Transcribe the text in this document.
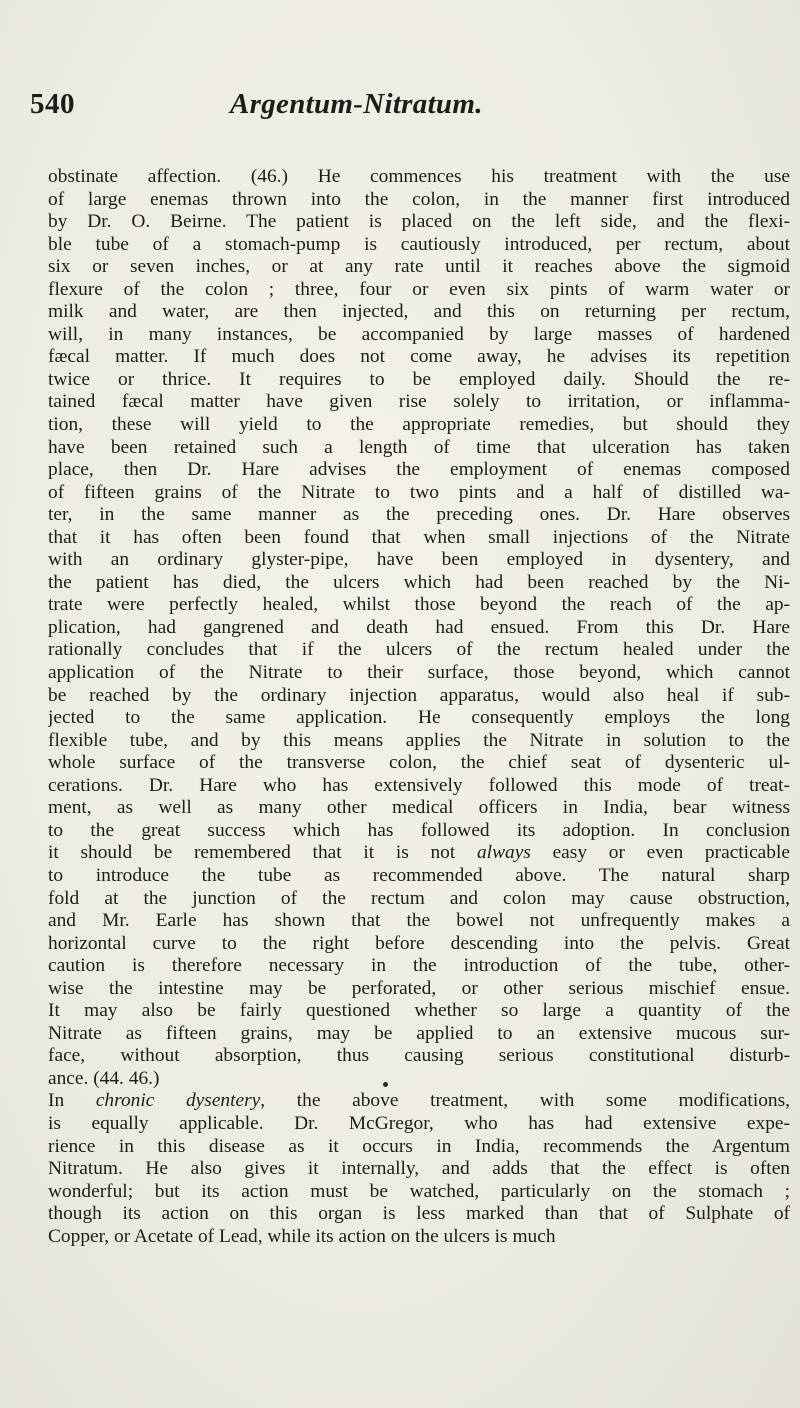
540	Argentum-Nitratum.
obstinate affection. (46.) He commences his treatment with the use
of large enemas thrown into the colon, in the manner first introduced
by Dr. O. Beirne. The patient is placed on the left side, and the flexi-
ble tube of a stomach-pump is cautiously introduced, per rectum, about
six or seven inches, or at any rate until it reaches above the sigmoid
flexure of the colon ; three, four or even six pints of warm water or
milk and water, are then injected, and this on returning per rectum,
will, in many instances, be accompanied by large masses of hardened
fæcal matter. If much does not come away, he advises its repetition
twice or thrice. It requires to be employed daily. Should the re-
tained fæcal matter have given rise solely to irritation, or inflamma-
tion, these will yield to the appropriate remedies, but should they
have been retained such a length of time that ulceration has taken
place, then Dr. Hare advises the employment of enemas composed
of fifteen grains of the Nitrate to two pints and a half of distilled wa-
ter, in the same manner as the preceding ones. Dr. Hare observes
that it has often been found that when small injections of the Nitrate
with an ordinary glyster-pipe, have been employed in dysentery, and
the patient has died, the ulcers which had been reached by the Ni-
trate were perfectly healed, whilst those beyond the reach of the ap-
plication, had gangrened and death had ensued. From this Dr. Hare
rationally concludes that if the ulcers of the rectum healed under the
application of the Nitrate to their surface, those beyond, which cannot
be reached by the ordinary injection apparatus, would also heal if sub-
jected to the same application. He consequently employs the long
flexible tube, and by this means applies the Nitrate in solution to the
whole surface of the transverse colon, the chief seat of dysenteric ul-
cerations. Dr. Hare who has extensively followed this mode of treat-
ment, as well as many other medical officers in India, bear witness
to the great success which has followed its adoption. In conclusion
it should be remembered that it is not always easy or even practicable
to introduce the tube as recommended above. The natural sharp
fold at the junction of the rectum and colon may cause obstruction,
and Mr. Earle has shown that the bowel not unfrequently makes a
horizontal curve to the right before descending into the pelvis. Great
caution is therefore necessary in the introduction of the tube, other-
wise the intestine may be perforated, or other serious mischief ensue.
It may also be fairly questioned whether so large a quantity of the
Nitrate as fifteen grains, may be applied to an extensive mucous sur-
face, without absorption, thus causing serious constitutional disturb-
ance. (44. 46.)
In chronic dysentery, the above treatment, with some modifications,
is equally applicable. Dr. McGregor, who has had extensive expe-
rience in this disease as it occurs in India, recommends the Argentum
Nitratum. He also gives it internally, and adds that the effect is often
wonderful; but its action must be watched, particularly on the stomach ;
though its action on this organ is less marked than that of Sulphate of
Copper, or Acetate of Lead, while its action on the ulcers is much
